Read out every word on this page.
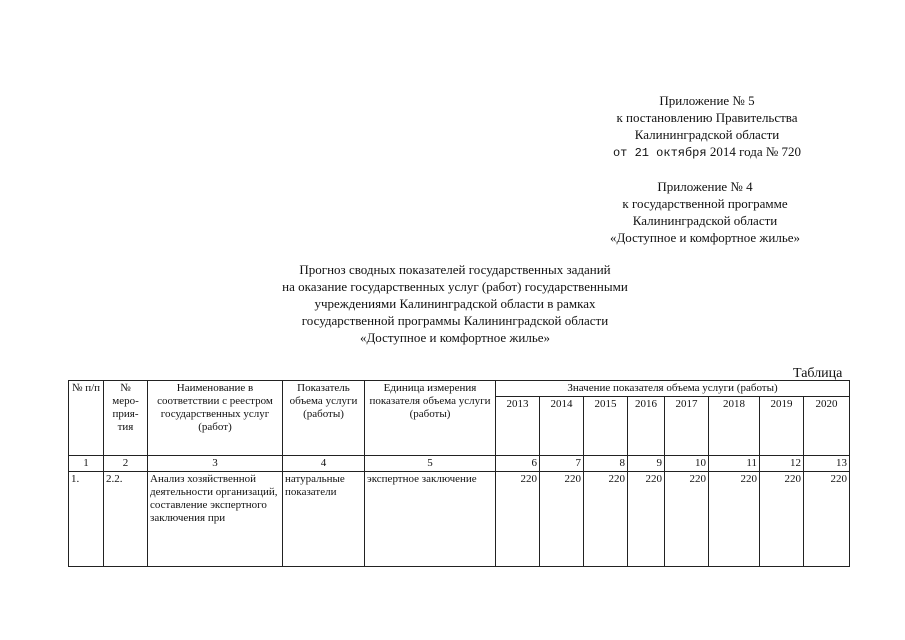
Приложение № 5
к постановлению Правительства
Калининградской области
от 21 октября 2014 года № 720
Приложение № 4
к государственной программе
Калининградской области
«Доступное и комфортное жилье»
Прогноз сводных показателей государственных заданий
на оказание государственных услуг (работ) государственными
учреждениями Калининградской области в рамках
государственной программы Калининградской области
«Доступное и комфортное жилье»
Таблица
№ п/п	№ меро- прия- тия	Наименование в соответствии с реестром государственных услуг (работ)	Показатель объема услуги (работы)	Единица измерения показателя объема услуги (работы)	Значение показателя объема услуги (работы)							
					2013	2014	2015	2016	2017	2018	2019	2020
1	2	3	4	5	6	7	8	9	10	11	12	13
1.	2.2.	Анализ хозяйственной деятельности организаций, составление экспертного заключения при	натуральные показатели	экспертное заключение	220	220	220	220	220	220	220	220
